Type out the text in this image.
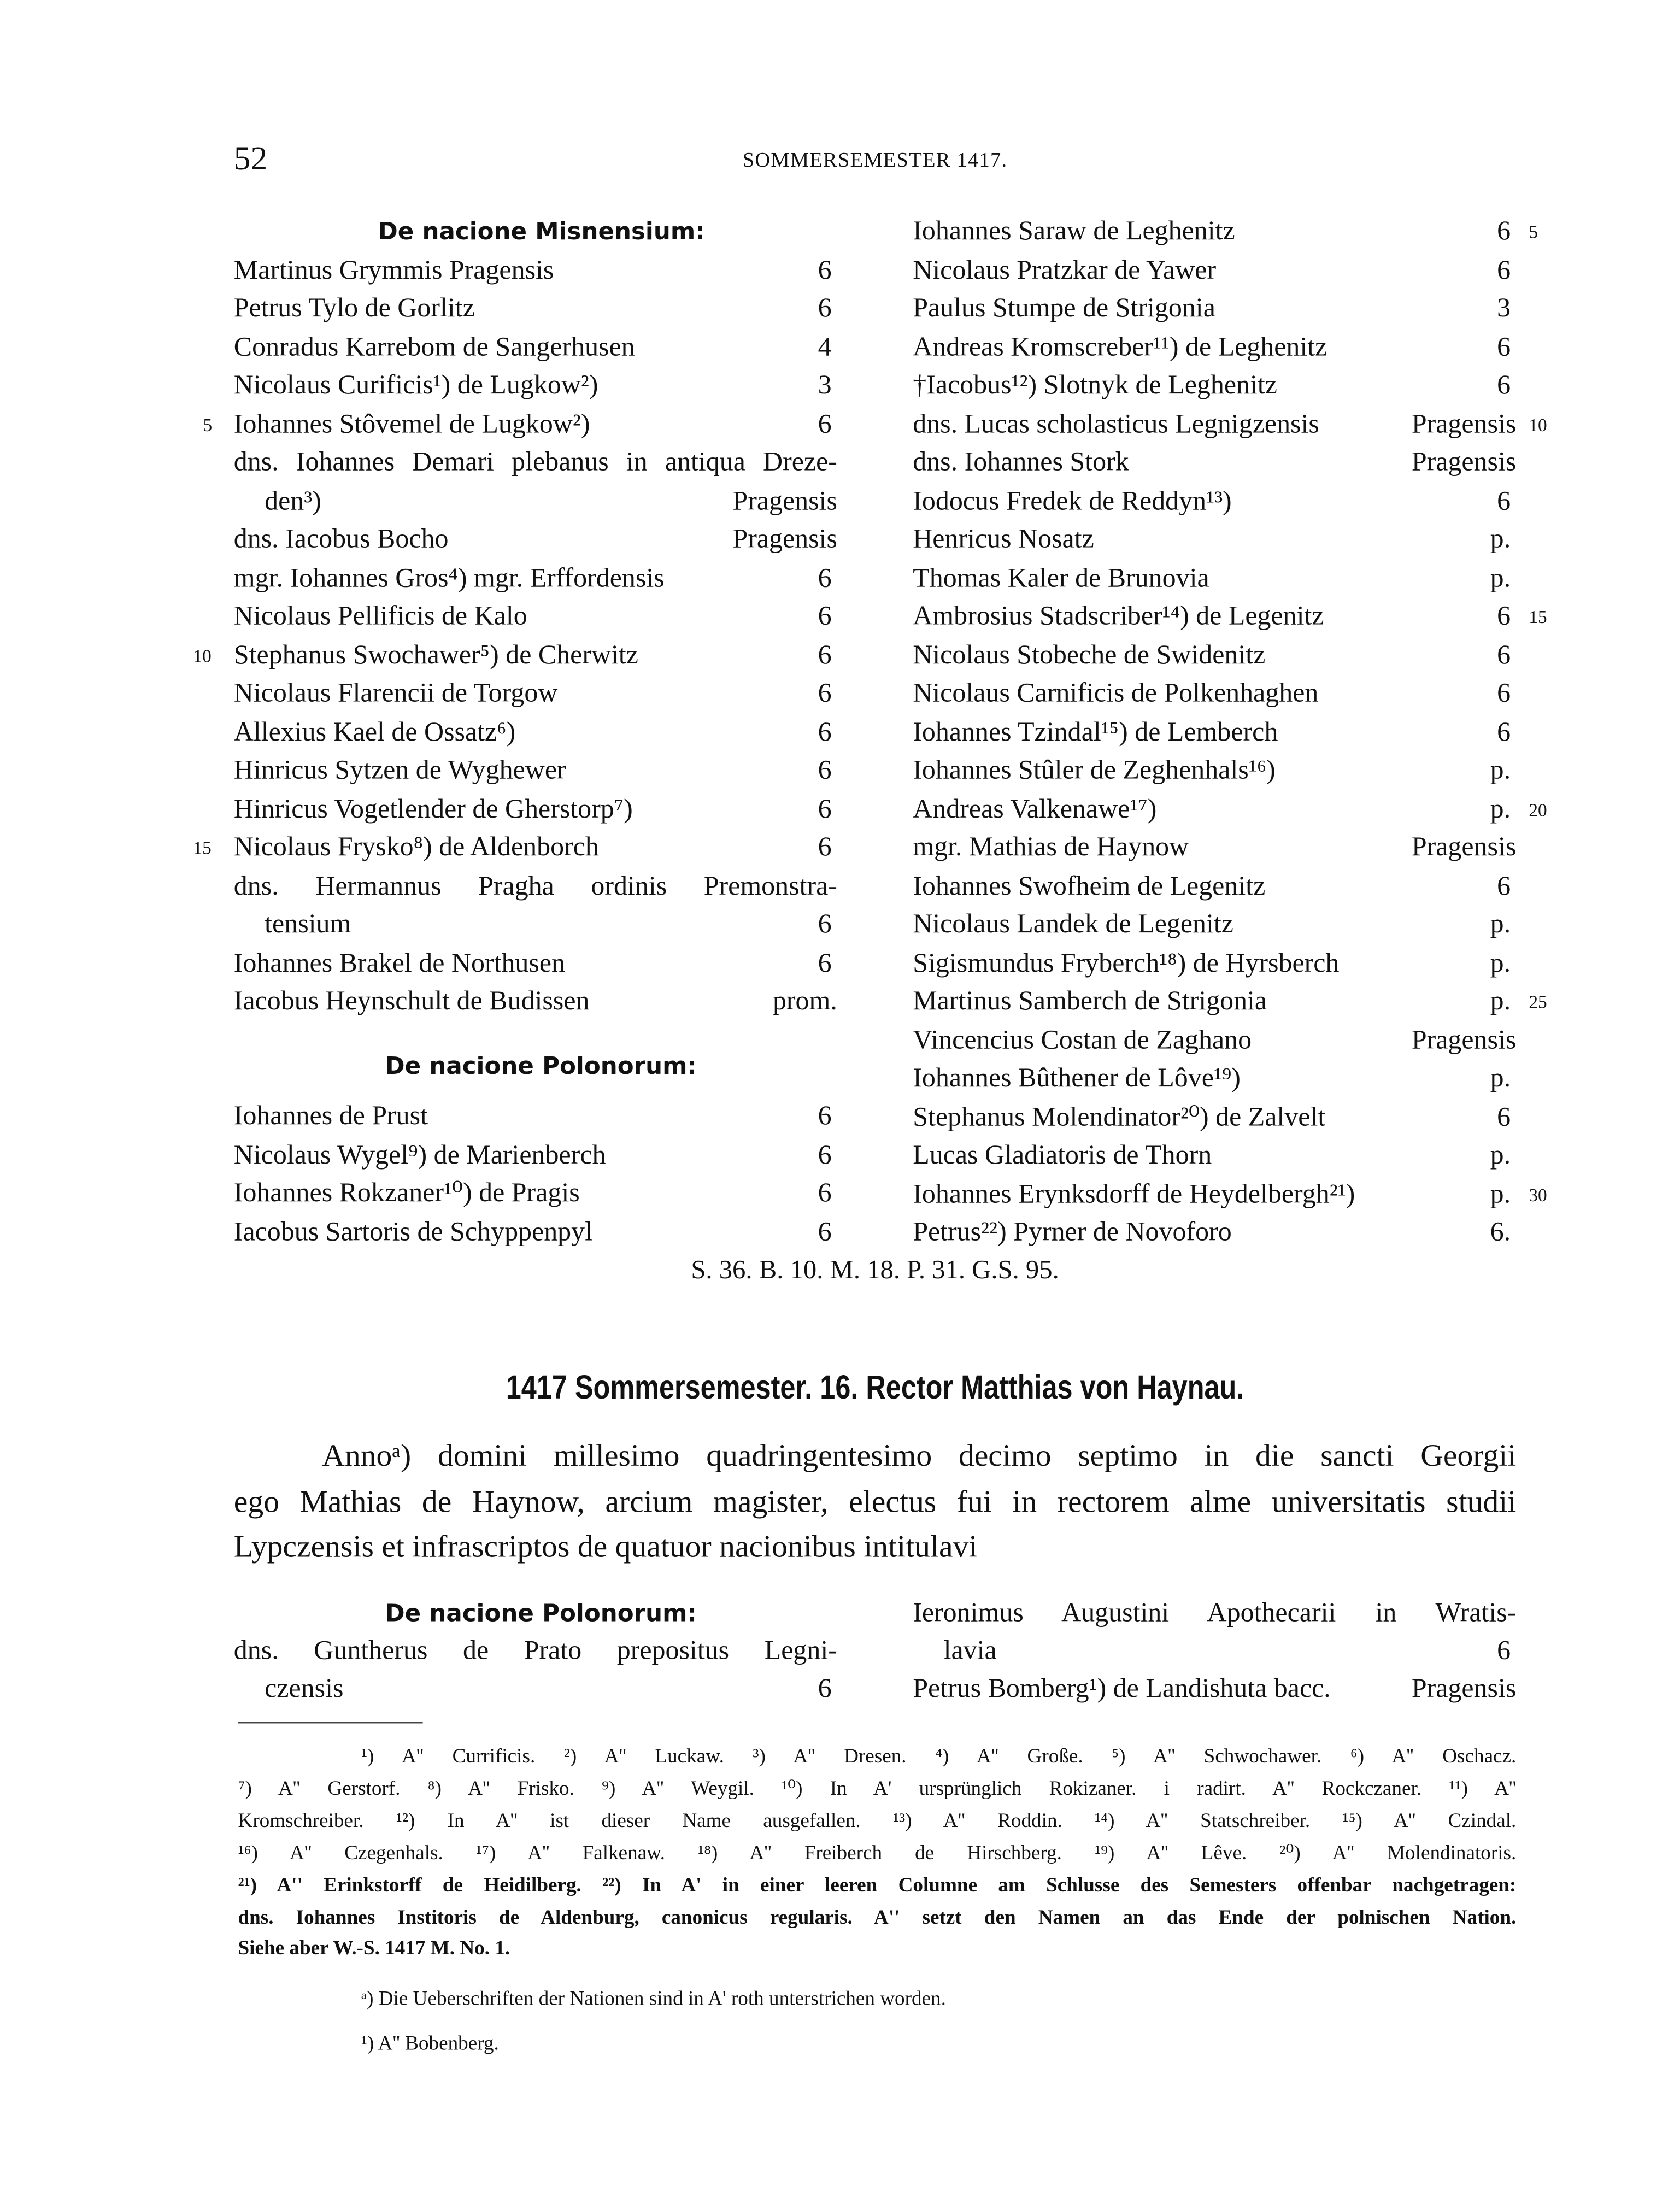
52	SOMMERSEMESTER 1417.
De nacione Misnensium:
Martinus Grymmis Pragensis	6
Petrus Tylo de Gorlitz	6
Conradus Karrebom de Sangerhusen	4
Nicolaus Curificis¹) de Lugkow²)	3
Iohannes Stôvemel de Lugkow²)	6
5
dns. Iohannes Demari plebanus in antiqua Dreze-
den³)	Pragensis
dns. Iacobus Bocho	Pragensis
mgr. Iohannes Gros⁴) mgr. Erffordensis	6
Nicolaus Pellificis de Kalo	6
Stephanus Swochawer⁵) de Cherwitz	6
10
Nicolaus Flarencii de Torgow	6
Allexius Kael de Ossatz⁶)	6
Hinricus Sytzen de Wyghewer	6
Hinricus Vogetlender de Gherstorp⁷)	6
Nicolaus Frysko⁸) de Aldenborch	6
15
dns. Hermannus Pragha ordinis Premonstra-
tensium	6
Iohannes Brakel de Northusen	6
Iacobus Heynschult de Budissen	prom.
De nacione Polonorum:
Iohannes de Prust	6
Nicolaus Wygel⁹) de Marienberch	6
Iohannes Rokzaner¹⁰) de Pragis	6
Iacobus Sartoris de Schyppenpyl	6
Iohannes Saraw de Leghenitz	6	5
Nicolaus Pratzkar de Yawer	6
Paulus Stumpe de Strigonia	3
Andreas Kromscreber¹¹) de Leghenitz	6
†Iacobus¹²) Slotnyk de Leghenitz	6
dns. Lucas scholasticus Legnigzensis	Pragensis 10
dns. Iohannes Stork	Pragensis
Iodocus Fredek de Reddyn¹³)	6
Henricus Nosatz	p.
Thomas Kaler de Brunovia	p.
Ambrosius Stadscriber¹⁴) de Legenitz	6	15
Nicolaus Stobeche de Swidenitz	6
Nicolaus Carnificis de Polkenhaghen	6
Iohannes Tzindal¹⁵) de Lemberch	6
Iohannes Stûler de Zeghenhals¹⁶)	p.
Andreas Valkenawe¹⁷)	p.	20
mgr. Mathias de Haynow	Pragensis
Iohannes Swofheim de Legenitz	6
Nicolaus Landek de Legenitz	p.
Sigismundus Fryberch¹⁸) de Hyrsberch	p.
Martinus Samberch de Strigonia	p.	25
Vincencius Costan de Zaghano	Pragensis
Iohannes Bûthener de Lôve¹⁹)	p.
Stephanus Molendinator²⁰) de Zalvelt	6
Lucas Gladiatoris de Thorn	p.
Iohannes Erynksdorff de Heydelbergh²¹)	p.	30
Petrus²²) Pyrner de Novoforo	6.
S. 36. B. 10. M. 18. P. 31. G.S. 95.
1417 Sommersemester. 16. Rector Matthias von Haynau.
Annoᵃ) domini millesimo quadringentesimo decimo septimo in die sancti Georgii
ego Mathias de Haynow, arcium magister, electus fui in rectorem alme universitatis studii
Lypczensis et infrascriptos de quatuor nacionibus intitulavi
De nacione Polonorum:
dns. Guntherus de Prato prepositus Legni-
czensis	6
Ieronimus Augustini Apothecarii in Wratis-
lavia	6
Petrus Bomberg¹) de Landishuta bacc.	Pragensis
¹) A'' Currificis. ²) A'' Luckaw. ³) A'' Dresen. ⁴) A'' Große. ⁵) A'' Schwochawer. ⁶) A'' Oschacz.
⁷) A'' Gerstorf. ⁸) A'' Frisko. ⁹) A'' Weygil. ¹⁰) In A' ursprünglich Rokizaner. i radirt. A'' Rockczaner. ¹¹) A''
Kromschreiber. ¹²) In A'' ist dieser Name ausgefallen. ¹³) A'' Roddin. ¹⁴) A'' Statschreiber. ¹⁵) A'' Czindal.
¹⁶) A'' Czegenhals. ¹⁷) A'' Falkenaw. ¹⁸) A'' Freiberch de Hirschberg. ¹⁹) A'' Lêve. ²⁰) A'' Molendinatoris.
²¹) A'' Erinkstorff de Heidilberg. ²²) In A' in einer leeren Columne am Schlusse des Semesters offenbar nachgetragen:
dns. Iohannes Institoris de Aldenburg, canonicus regularis. A'' setzt den Namen an das Ende der polnischen Nation.
Siehe aber W.-S. 1417 M. No. 1.
ᵃ) Die Ueberschriften der Nationen sind in A' roth unterstrichen worden.
¹) A'' Bobenberg.
